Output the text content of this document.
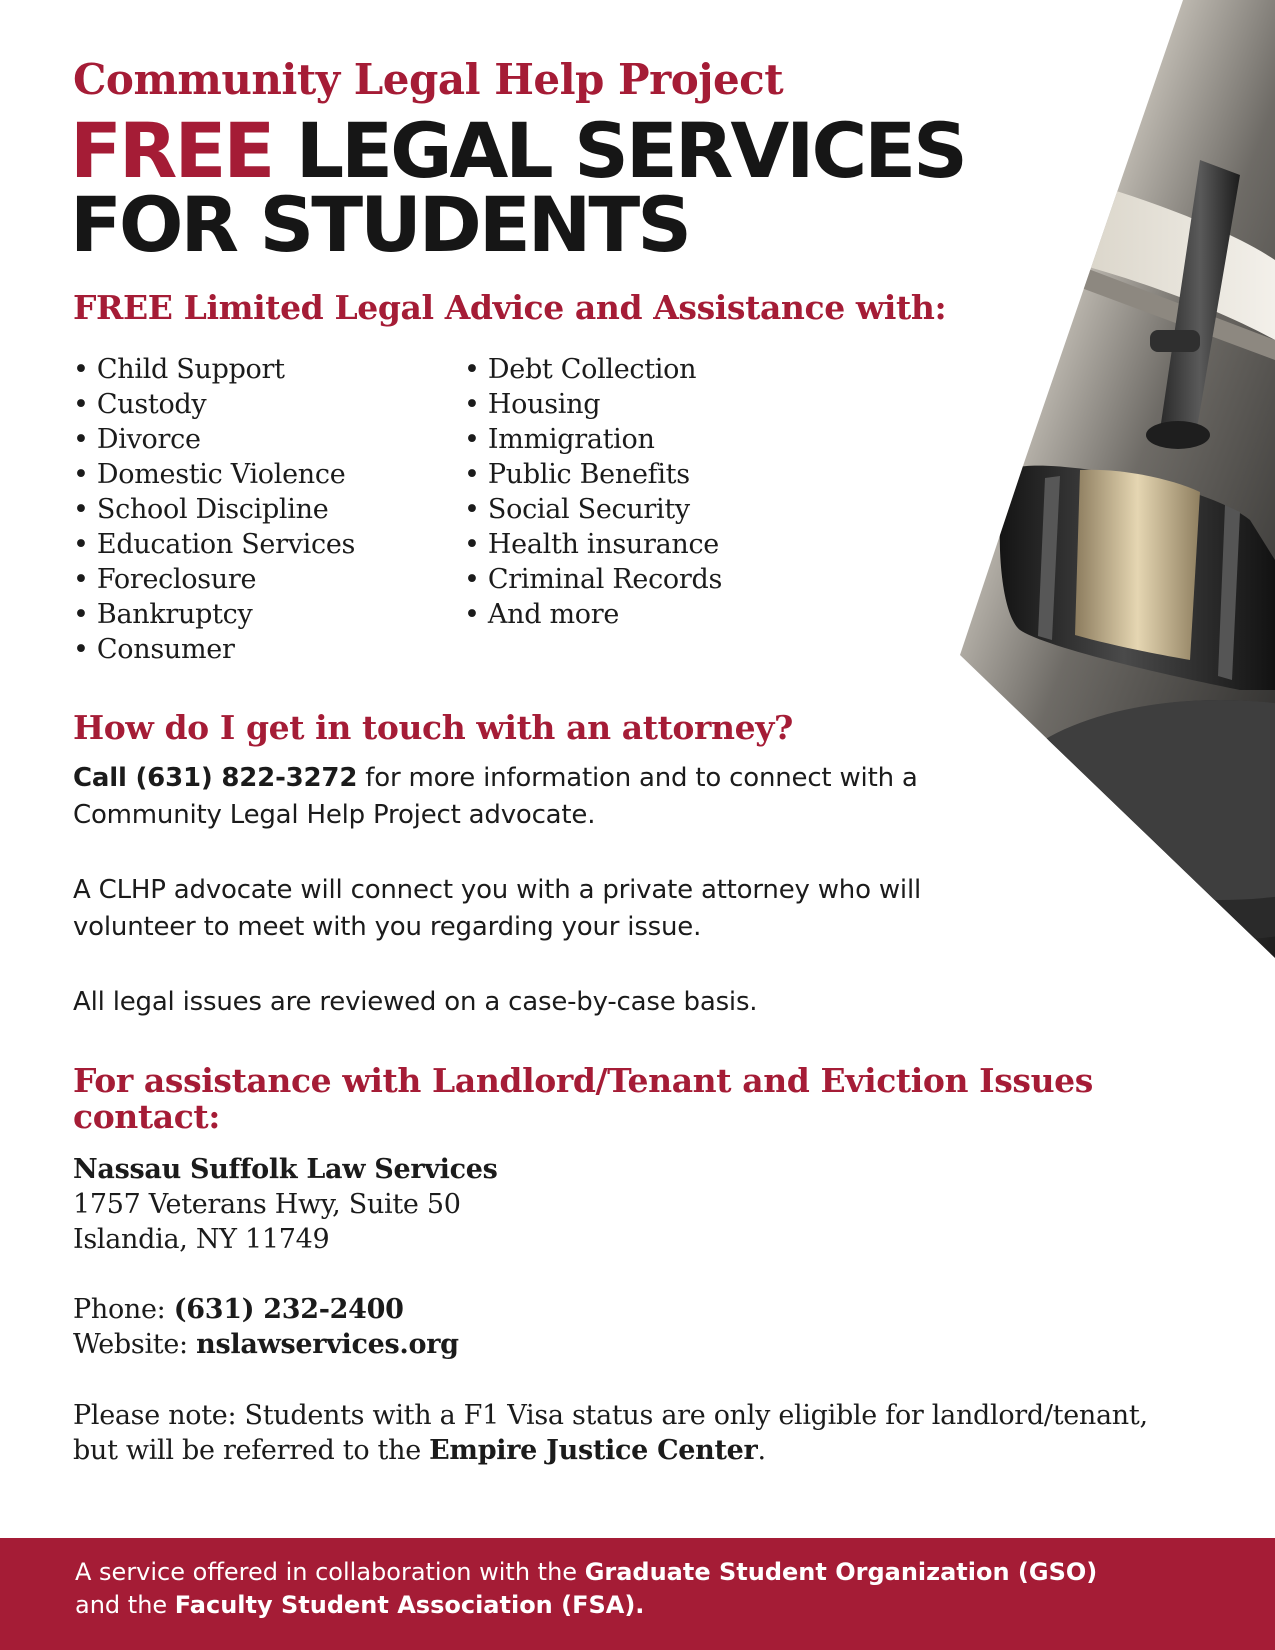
Community Legal Help Project
FREE LEGAL SERVICES
FOR STUDENTS
FREE Limited Legal Advice and Assistance with:
• Child Support
• Custody
• Divorce
• Domestic Violence
• School Discipline
• Education Services
• Foreclosure
• Bankruptcy
• Consumer
• Debt Collection
• Housing
• Immigration
• Public Benefits
• Social Security
• Health insurance
• Criminal Records
• And more
How do I get in touch with an attorney?

Call (631) 822-3272 for more information and to connect with a
Community Legal Help Project advocate.

A CLHP advocate will connect you with a private attorney who will
volunteer to meet with you regarding your issue.

All legal issues are reviewed on a case-by-case basis.

For assistance with Landlord/Tenant and Eviction Issues
contact:

Nassau Suffolk Law Services
1757 Veterans Hwy, Suite 50
Islandia, NY 11749

Phone: (631) 232-2400
Website: nslawservices.org

Please note: Students with a F1 Visa status are only eligible for landlord/tenant,
but will be referred to the Empire Justice Center.

A service offered in collaboration with the Graduate Student Organization (GSO)
and the Faculty Student Association (FSA).
